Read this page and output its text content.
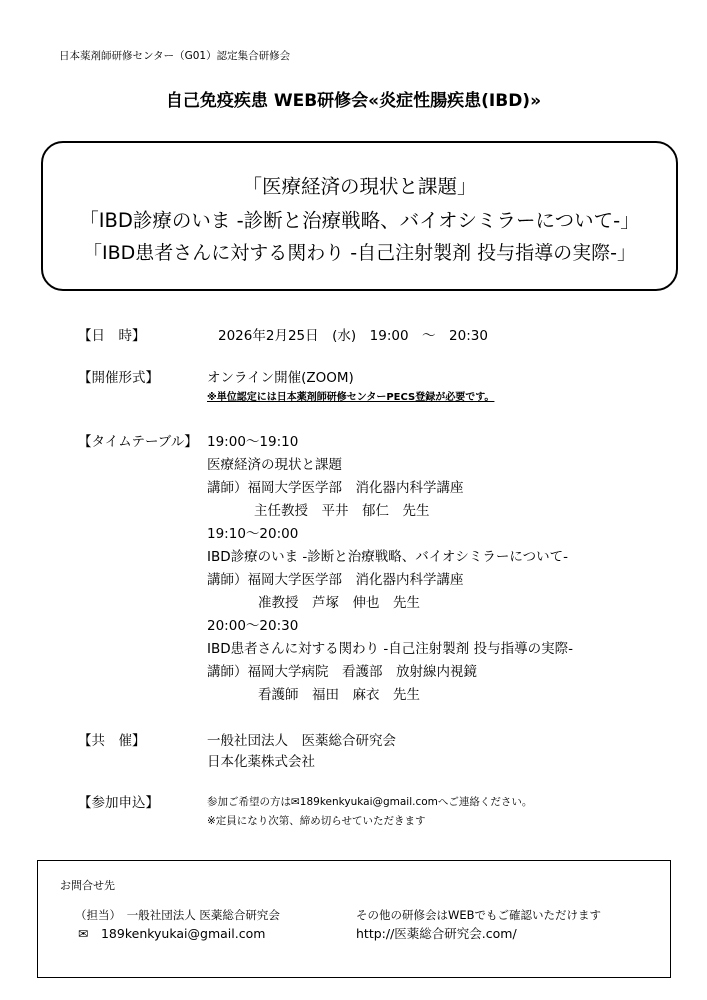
日本薬剤師研修センター（G01）認定集合研修会
自己免疫疾患 WEB研修会«炎症性腸疾患(IBD)»
「医療経済の現状と課題」
「IBD診療のいま -診断と治療戦略、バイオシミラーについて-」
「IBD患者さんに対する関わり -自己注射製剤 投与指導の実際-」
【日　時】	2026年2月25日　(水)　19:00　～　20:30
【開催形式】	オンライン開催(ZOOM)
※単位認定には日本薬剤師研修センターPECS登録が必要です。
【タイムテーブル】 19:00～19:10
医療経済の現状と課題
講師）福岡大学医学部　消化器内科学講座
主任教授　平井　郁仁　先生
19:10～20:00
IBD診療のいま -診断と治療戦略、バイオシミラーについて-
講師）福岡大学医学部　消化器内科学講座
准教授　芦塚　伸也　先生
20:00～20:30
IBD患者さんに対する関わり -自己注射製剤 投与指導の実際-
講師）福岡大学病院　看護部　放射線内視鏡
看護師　福田　麻衣　先生
【共　催】	一般社団法人　医薬総合研究会
日本化薬株式会社
【参加申込】	参加ご希望の方は✉189kenkyukai@gmail.comへご連絡ください。
※定員になり次第、締め切らせていただきます
お問合せ先
（担当）　一般社団法人 医薬総合研究会
✉　189kenkyukai@gmail.com
その他の研修会はWEBでもご確認いただけます
http://医薬総合研究会.com/
